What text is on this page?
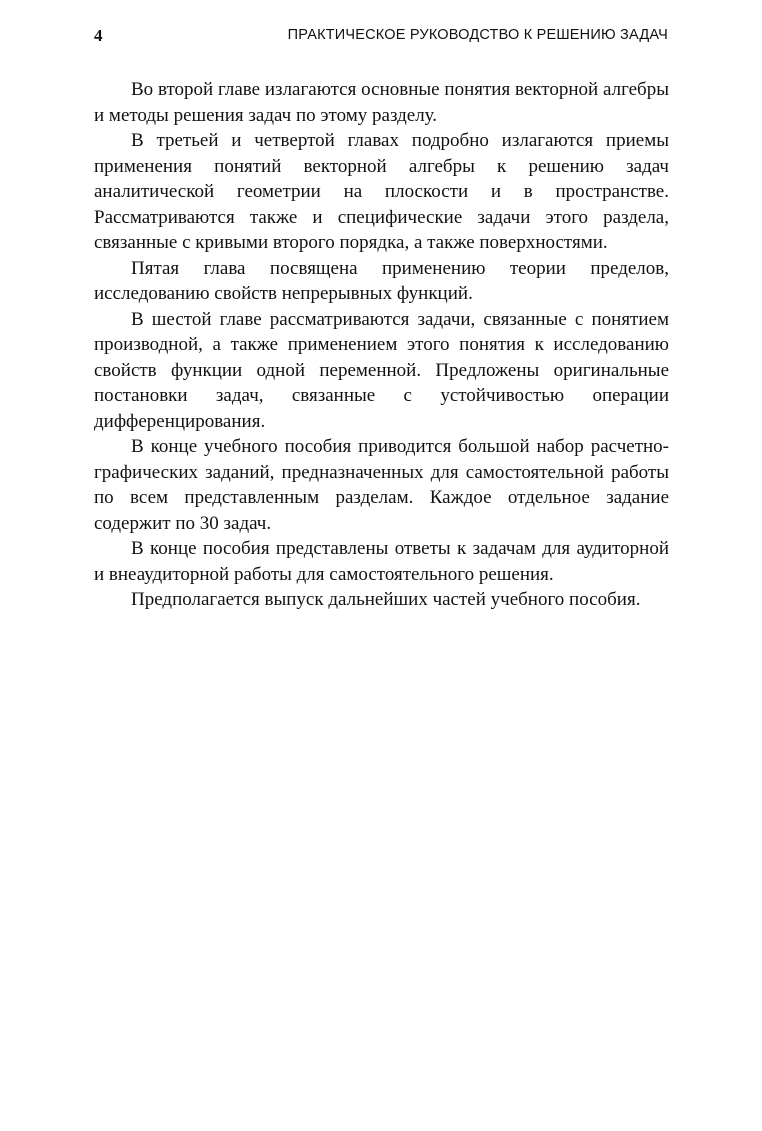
4	ПРАКТИЧЕСКОЕ РУКОВОДСТВО К РЕШЕНИЮ ЗАДАЧ

Во второй главе излагаются основные понятия векторной алгебры и методы решения задач по этому разделу.

В третьей и четвертой главах подробно излагаются приемы применения понятий векторной алгебры к решению задач аналитической геометрии на плоскости и в пространстве. Рассматриваются также и специфические задачи этого раздела, связанные с кривыми второго порядка, а также поверхностями.

Пятая глава посвящена применению теории пределов, исследованию свойств непрерывных функций.

В шестой главе рассматриваются задачи, связанные с понятием производной, а также применением этого понятия к исследованию свойств функции одной переменной. Предложены оригинальные постановки задач, связанные с устойчивостью операции дифференцирования.

В конце учебного пособия приводится большой набор расчетно-графических заданий, предназначенных для самостоятельной работы по всем представленным разделам. Каждое отдельное задание содержит по 30 задач.

В конце пособия представлены ответы к задачам для аудиторной и внеаудиторной работы для самостоятельного решения.

Предполагается выпуск дальнейших частей учебного пособия.
